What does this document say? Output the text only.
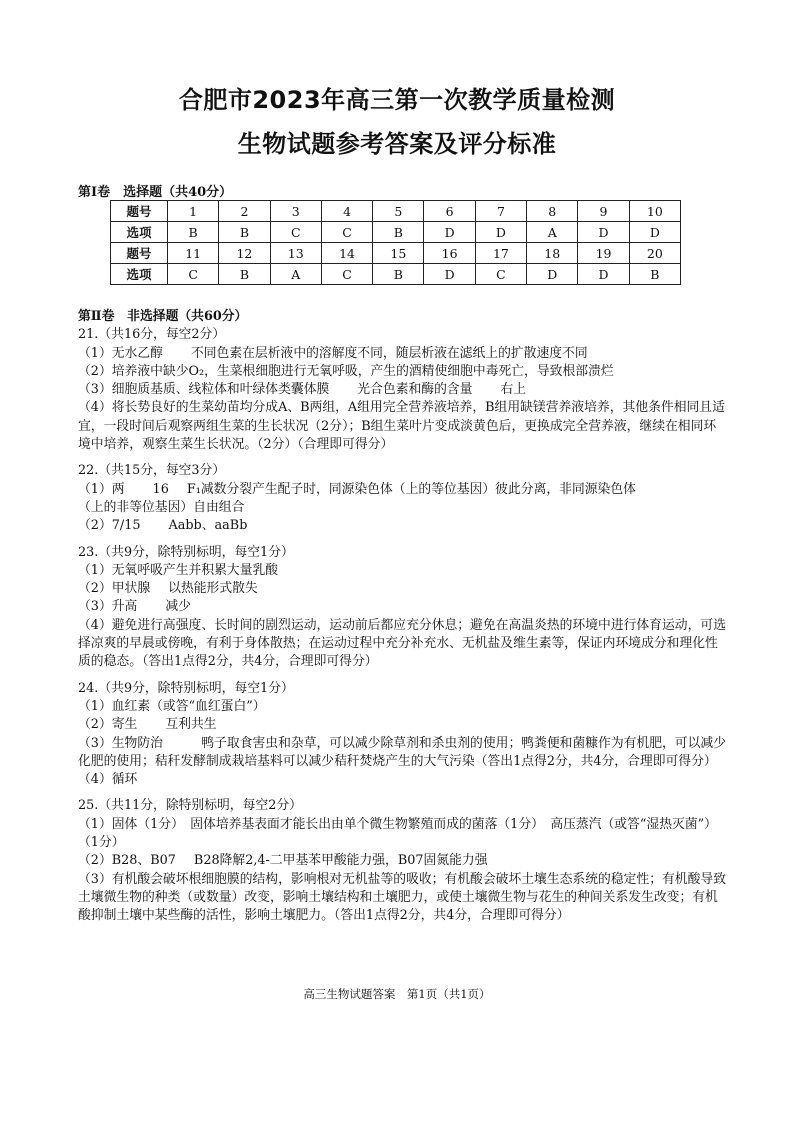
合肥市2023年高三第一次教学质量检测
生物试题参考答案及评分标准
第Ⅰ卷　选择题（共40分）
题号	1	2	3	4	5	6	7	8	9	10
选项	B	B	C	C	B	D	D	A	D	D
题号	11	12	13	14	15	16	17	18	19	20
选项	C	B	A	C	B	D	C	D	D	B
第Ⅱ卷　非选择题（共60分）
21.（共16分，每空2分）
（1）无水乙醇 不同色素在层析液中的溶解度不同，随层析液在滤纸上的扩散速度不同
（2）培养液中缺少O₂，生菜根细胞进行无氧呼吸，产生的酒精使细胞中毒死亡，导致根部溃烂
（3）细胞质基质、线粒体和叶绿体类囊体膜 光合色素和酶的含量 右上
（4）将长势良好的生菜幼苗均分成A、B两组，A组用完全营养液培养，B组用缺镁营养液培养，其他条件相同且适宜，一段时间后观察两组生菜的生长状况（2分）；B组生菜叶片变成淡黄色后，更换成完全营养液，继续在相同环境中培养，观察生菜生长状况。（2分）（合理即可得分）
22.（共15分，每空3分）
（1）两 16 F₁减数分裂产生配子时，同源染色体（上的等位基因）彼此分离，非同源染色体
（上的非等位基因）自由组合
（2）7/15 Aabb、aaBb
23.（共9分，除特别标明，每空1分）
（1）无氧呼吸产生并积累大量乳酸
（2）甲状腺 以热能形式散失
（3）升高 减少
（4）避免进行高强度、长时间的剧烈运动，运动前后都应充分休息；避免在高温炎热的环境中进行体育运动，可选择凉爽的早晨或傍晚，有利于身体散热；在运动过程中充分补充水、无机盐及维生素等，保证内环境成分和理化性质的稳态。（答出1点得2分，共4分，合理即可得分）
24.（共9分，除特别标明，每空1分）
（1）血红素（或答“血红蛋白”）
（2）寄生 互利共生
（3）生物防治　　　鸭子取食害虫和杂草，可以减少除草剂和杀虫剂的使用；鸭粪便和菌糠作为有机肥，可以减少化肥的使用；秸秆发酵制成栽培基料可以减少秸秆焚烧产生的大气污染（答出1点得2分，共4分，合理即可得分）
（4）循环
25.（共11分，除特别标明，每空2分）
（1）固体（1分）　固体培养基表面才能长出由单个微生物繁殖而成的菌落（1分）　高压蒸汽（或答“湿热灭菌”）（1分）
（2）B28、B07 B28降解2,4-二甲基苯甲酸能力强，B07固氮能力强
（3）有机酸会破坏根细胞膜的结构，影响根对无机盐等的吸收；有机酸会破坏土壤生态系统的稳定性；有机酸导致土壤微生物的种类（或数量）改变，影响土壤结构和土壤肥力，或使土壤微生物与花生的种间关系发生改变；有机酸抑制土壤中某些酶的活性，影响土壤肥力。（答出1点得2分，共4分，合理即可得分）
高三生物试题答案　第1页（共1页）
